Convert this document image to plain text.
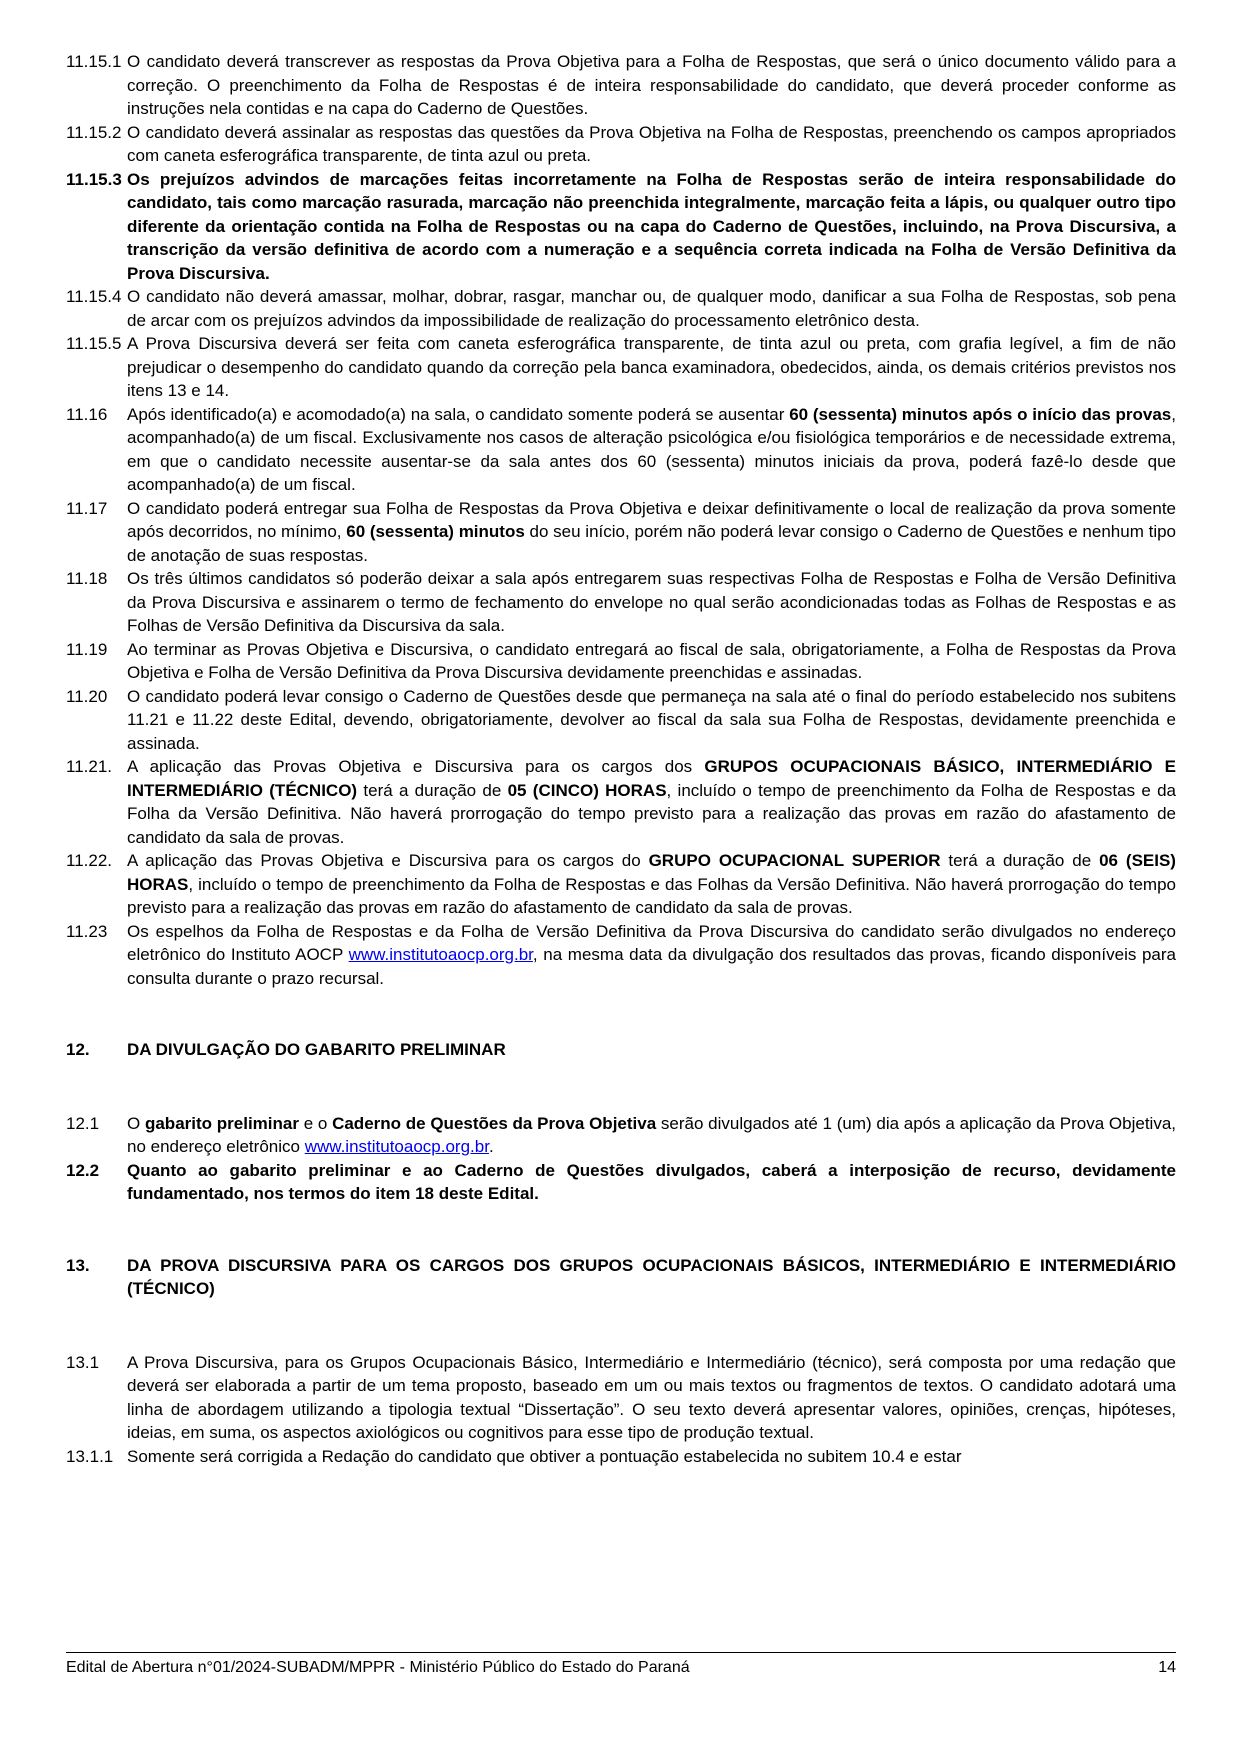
11.15.1 O candidato deverá transcrever as respostas da Prova Objetiva para a Folha de Respostas, que será o único documento válido para a correção. O preenchimento da Folha de Respostas é de inteira responsabilidade do candidato, que deverá proceder conforme as instruções nela contidas e na capa do Caderno de Questões.
11.15.2 O candidato deverá assinalar as respostas das questões da Prova Objetiva na Folha de Respostas, preenchendo os campos apropriados com caneta esferográfica transparente, de tinta azul ou preta.
11.15.3 Os prejuízos advindos de marcações feitas incorretamente na Folha de Respostas serão de inteira responsabilidade do candidato, tais como marcação rasurada, marcação não preenchida integralmente, marcação feita a lápis, ou qualquer outro tipo diferente da orientação contida na Folha de Respostas ou na capa do Caderno de Questões, incluindo, na Prova Discursiva, a transcrição da versão definitiva de acordo com a numeração e a sequência correta indicada na Folha de Versão Definitiva da Prova Discursiva.
11.15.4 O candidato não deverá amassar, molhar, dobrar, rasgar, manchar ou, de qualquer modo, danificar a sua Folha de Respostas, sob pena de arcar com os prejuízos advindos da impossibilidade de realização do processamento eletrônico desta.
11.15.5 A Prova Discursiva deverá ser feita com caneta esferográfica transparente, de tinta azul ou preta, com grafia legível, a fim de não prejudicar o desempenho do candidato quando da correção pela banca examinadora, obedecidos, ainda, os demais critérios previstos nos itens 13 e 14.
11.16 Após identificado(a) e acomodado(a) na sala, o candidato somente poderá se ausentar 60 (sessenta) minutos após o início das provas, acompanhado(a) de um fiscal. Exclusivamente nos casos de alteração psicológica e/ou fisiológica temporários e de necessidade extrema, em que o candidato necessite ausentar-se da sala antes dos 60 (sessenta) minutos iniciais da prova, poderá fazê-lo desde que acompanhado(a) de um fiscal.
11.17 O candidato poderá entregar sua Folha de Respostas da Prova Objetiva e deixar definitivamente o local de realização da prova somente após decorridos, no mínimo, 60 (sessenta) minutos do seu início, porém não poderá levar consigo o Caderno de Questões e nenhum tipo de anotação de suas respostas.
11.18 Os três últimos candidatos só poderão deixar a sala após entregarem suas respectivas Folha de Respostas e Folha de Versão Definitiva da Prova Discursiva e assinarem o termo de fechamento do envelope no qual serão acondicionadas todas as Folhas de Respostas e as Folhas de Versão Definitiva da Discursiva da sala.
11.19 Ao terminar as Provas Objetiva e Discursiva, o candidato entregará ao fiscal de sala, obrigatoriamente, a Folha de Respostas da Prova Objetiva e Folha de Versão Definitiva da Prova Discursiva devidamente preenchidas e assinadas.
11.20 O candidato poderá levar consigo o Caderno de Questões desde que permaneça na sala até o final do período estabelecido nos subitens 11.21 e 11.22 deste Edital, devendo, obrigatoriamente, devolver ao fiscal da sala sua Folha de Respostas, devidamente preenchida e assinada.
11.21. A aplicação das Provas Objetiva e Discursiva para os cargos dos GRUPOS OCUPACIONAIS BÁSICO, INTERMEDIÁRIO E INTERMEDIÁRIO (TÉCNICO) terá a duração de 05 (CINCO) HORAS, incluído o tempo de preenchimento da Folha de Respostas e da Folha da Versão Definitiva. Não haverá prorrogação do tempo previsto para a realização das provas em razão do afastamento de candidato da sala de provas.
11.22. A aplicação das Provas Objetiva e Discursiva para os cargos do GRUPO OCUPACIONAL SUPERIOR terá a duração de 06 (SEIS) HORAS, incluído o tempo de preenchimento da Folha de Respostas e das Folhas da Versão Definitiva. Não haverá prorrogação do tempo previsto para a realização das provas em razão do afastamento de candidato da sala de provas.
11.23 Os espelhos da Folha de Respostas e da Folha de Versão Definitiva da Prova Discursiva do candidato serão divulgados no endereço eletrônico do Instituto AOCP www.institutoaocp.org.br, na mesma data da divulgação dos resultados das provas, ficando disponíveis para consulta durante o prazo recursal.
12. DA DIVULGAÇÃO DO GABARITO PRELIMINAR
12.1 O gabarito preliminar e o Caderno de Questões da Prova Objetiva serão divulgados até 1 (um) dia após a aplicação da Prova Objetiva, no endereço eletrônico www.institutoaocp.org.br.
12.2 Quanto ao gabarito preliminar e ao Caderno de Questões divulgados, caberá a interposição de recurso, devidamente fundamentado, nos termos do item 18 deste Edital.
13. DA PROVA DISCURSIVA PARA OS CARGOS DOS GRUPOS OCUPACIONAIS BÁSICOS, INTERMEDIÁRIO E INTERMEDIÁRIO (TÉCNICO)
13.1 A Prova Discursiva, para os Grupos Ocupacionais Básico, Intermediário e Intermediário (técnico), será composta por uma redação que deverá ser elaborada a partir de um tema proposto, baseado em um ou mais textos ou fragmentos de textos. O candidato adotará uma linha de abordagem utilizando a tipologia textual “Dissertação”. O seu texto deverá apresentar valores, opiniões, crenças, hipóteses, ideias, em suma, os aspectos axiológicos ou cognitivos para esse tipo de produção textual.
13.1.1 Somente será corrigida a Redação do candidato que obtiver a pontuação estabelecida no subitem 10.4 e estar
Edital de Abertura n°01/2024-SUBADM/MPPR - Ministério Público do Estado do Paraná	14
